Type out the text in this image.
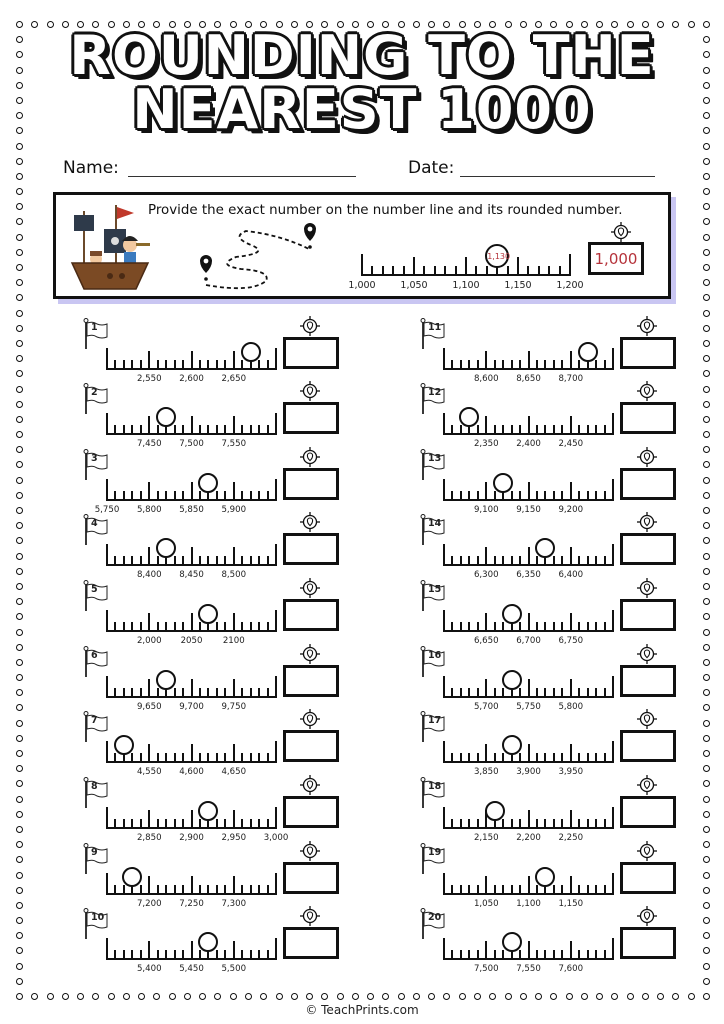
ROUNDING TO THE
NEAREST 1000
Name:	Date:
Provide the exact number on the number line and its rounded number.
1,000	1,050	1,100	1,150	1,200
1,130	1,000
1
2,550 2,600 2,650
2
7,450 7,500 7,550
3
5,750 5,800 5,850 5,900
4
8,400 8,450 8,500
5
2,000 2050 2100
6
9,650 9,700 9,750
7
4,550 4,600 4,650
8
2,850 2,900 2,950 3,000
9
7,200 7,250 7,300
10
5,400 5,450 5,500
11
8,600 8,650 8,700
12
2,350 2,400 2,450
13
9,100 9,150 9,200
14
6,300 6,350 6,400
15
6,650 6,700 6,750
16
5,700 5,750 5,800
17
3,850 3,900 3,950
18
2,150 2,200 2,250
19
1,050 1,100 1,150
20
7,500 7,550 7,600
© TeachPrints.com
